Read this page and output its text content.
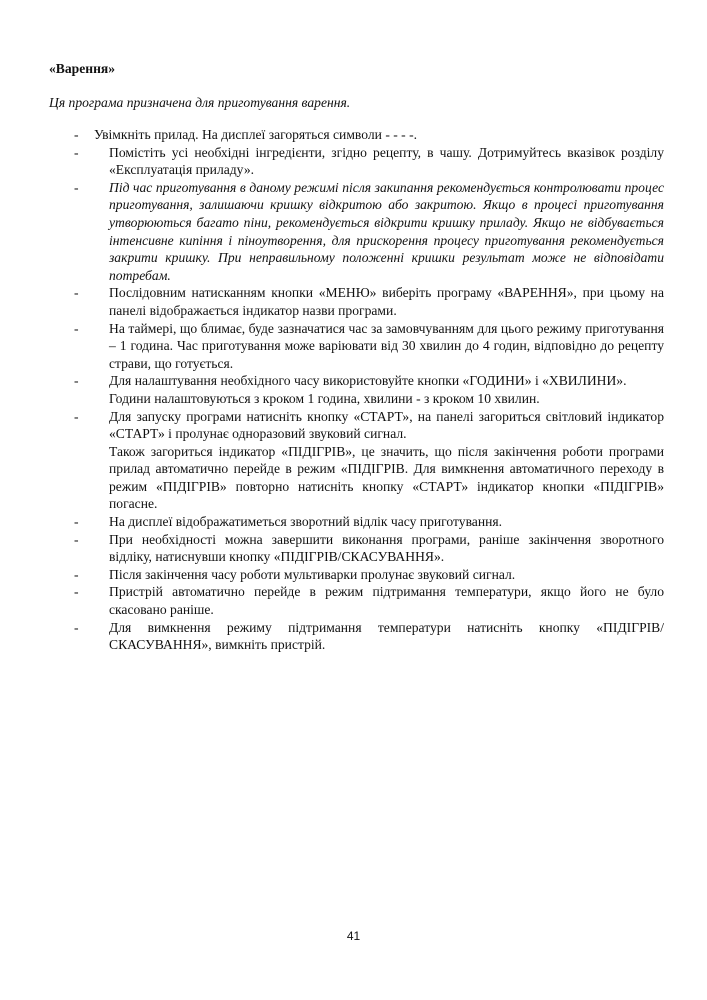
«Варення»
Ця програма призначена для приготування варення.
- Увімкніть прилад. На дисплеї загоряться символи - - - -.

- Помістіть усі необхідні інгредієнти, згідно рецепту, в чашу. Дотримуйтесь вказівок розділу «Експлуатація приладу».

- Під час приготування в даному режимі після закипання рекомендується контролювати процес приготування, залишаючи кришку відкритою або закритою. Якщо в процесі приготування утворюються багато піни, рекомендується відкрити кришку приладу. Якщо не відбувається інтенсивне кипіння і піноутворення, для прискорення процесу приготування рекомендується закрити кришку. При неправильному положенні кришки результат може не відповідати потребам.

- Послідовним натисканням кнопки «МЕНЮ» виберіть програму «ВАРЕННЯ», при цьому на панелі відображається індикатор назви програми.

- На таймері, що блимає, буде зазначатися час за замовчуванням для цього режиму приготування – 1 година. Час приготування може варіювати від 30 хвилин до 4 годин, відповідно до рецепту страви, що готується.

- Для налаштування необхідного часу використовуйте кнопки «ГОДИНИ» і «ХВИЛИНИ».

Години налаштовуються з кроком 1 година, хвилини - з кроком 10 хвилин.

- Для запуску програми натисніть кнопку «СТАРТ», на панелі загориться світловий індикатор «СТАРТ» і пролунає одноразовий звуковий сигнал.

Також загориться індикатор «ПІДІГРІВ», це значить, що після закінчення роботи програми прилад автоматично перейде в режим «ПІДІГРІВ. Для вимкнення автоматичного переходу в режим «ПІДІГРІВ» повторно натисніть кнопку «СТАРТ» індикатор кнопки «ПІДІГРІВ» погасне.

- На дисплеї відображатиметься зворотний відлік часу приготування.

- При необхідності можна завершити виконання програми, раніше закінчення зворотного відліку, натиснувши кнопку «ПІДІГРІВ/СКАСУВАННЯ».

- Після закінчення часу роботи мультиварки пролунає звуковий сигнал.

- Пристрій автоматично перейде в режим підтримання температури, якщо його не було скасовано раніше.

- Для вимкнення режиму підтримання температури натисніть кнопку «ПІДІГРІВ/СКАСУВАННЯ», вимкніть пристрій.

41
